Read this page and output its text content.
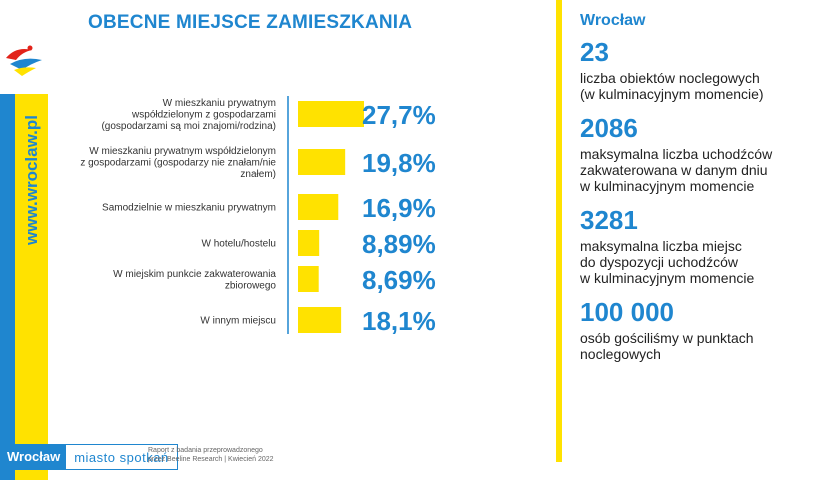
www.wroclaw.pl
OBECNE MIEJSCE ZAMIESZKANIA
W mieszkaniu prywatnym współdzielonym z gospodarzami (gospodarzami są moi znajomi/rodzina)	27,7%
W mieszkaniu prywatnym współdzielonym z gospodarzami (gospodarzy nie znałam/nie znałem)	19,8%
Samodzielnie w mieszkaniu prywatnym	16,9%
W hotelu/hostelu	8,89%
W miejskim punkcie zakwaterowania zbiorowego	8,69%
W innym miejscu	18,1%
Wrocław
23
liczba obiektów noclegowych
(w kulminacyjnym momencie)
2086
maksymalna liczba uchodźców
zakwaterowana w danym dniu
w kulminacyjnym momencie
3281
maksymalna liczba miejsc
do dyspozycji uchodźców
w kulminacyjnym momencie
100 000
osób gościliśmy w punktach
noclegowych
Wrocław	miasto spotkań
Raport z badania przeprowadzonego
przez Beeline Research | Kwiecień 2022
